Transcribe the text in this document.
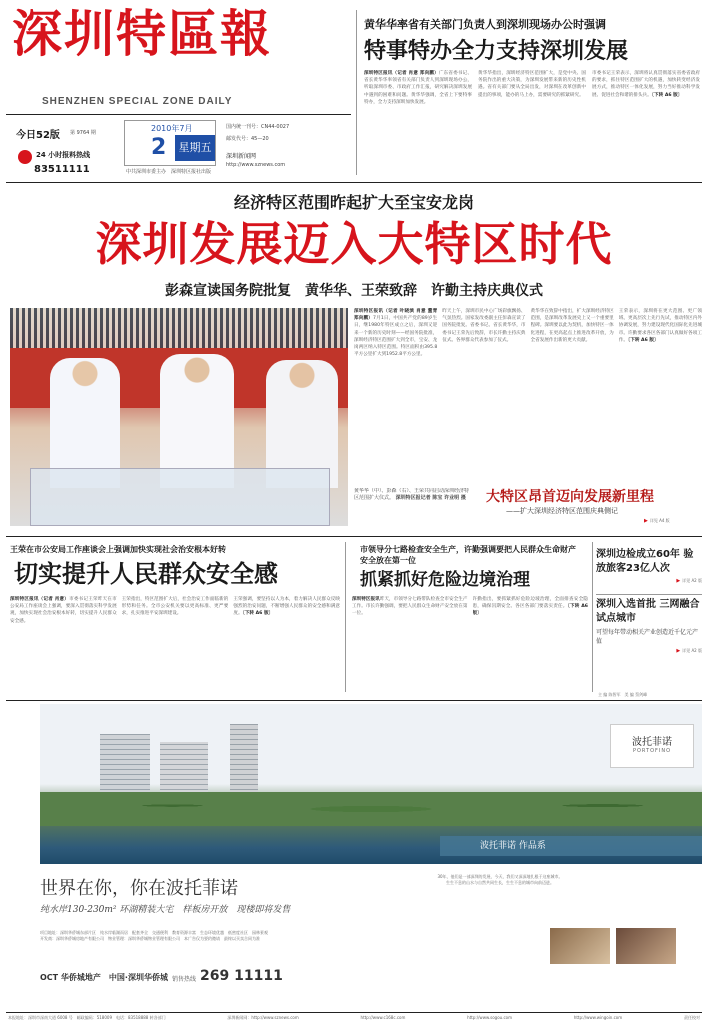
深圳特區報
SHENZHEN SPECIAL ZONE DAILY
今日52版 第 9764 期
24 小时报料热线
83511111
2010年7月
2	星期五
国内统一刊号：CN44-0027
邮发代号：45—20
深圳新闻网
http://www.sznews.com
中共深圳市委主办　深圳特区报社出版
黄华华率省有关部门负责人到深圳现场办公时强调
特事特办全力支持深圳发展
深圳特区报讯（记者 肖意 郑向鹏）广东省委书记、省长黄华华率领省有关部门负责人到深圳现场办公，听取深圳市委、市政府工作汇报，研究解决深圳发展中遇到的困难和问题。黄华华强调，全省上下要特事特办，全力支持深圳加快发展。
黄华华指出，深圳经济特区范围扩大，是党中央、国务院作出的重大决策，为深圳发展带来新的历史性机遇。省有关部门要从全局出发，对深圳在改革创新中提出的事项，能办的马上办，需要研究的抓紧研究。
市委书记王荣表示，深圳将认真贯彻落实省委省政府的要求，抓住特区范围扩大的机遇，加快转变经济发展方式，推动特区一体化发展，努力当好推动科学发展、促进社会和谐的排头兵。〔下转 A6 版〕
经济特区范围昨起扩大至宝安龙岗
深圳发展迈入大特区时代
彭森宣读国务院批复　黄华华、王荣致辞　许勤主持庆典仪式
深圳特区报讯（记者 叶晓滨 肖意 董青 郑向鹏）7月1日，中国共产党的89岁生日，继1980年特区成立之后，深圳又迎来一个新的历史时刻——经国务院批准，深圳经济特区范围扩大到全市，宝安、龙岗两区纳入特区范围。特区面积由395.8平方公里扩大到1952.8平方公里。
昨天上午，深圳市民中心广场彩旗飘扬、气氛热烈。国家发改委副主任彭森宣读了国务院批复。省委书记、省长黄华华，市委书记王荣先后致辞，市长许勤主持庆典仪式。各界群众代表参加了仪式。
黄华华在致辞中指出，扩大深圳经济特区范围，是深圳改革发展史上又一个重要里程碑。深圳要以此为契机，加快特区一体化进程，在更高起点上推进改革开放，为全省发展作出新的更大贡献。
王荣表示，深圳将在更大范围、更广领域、更高层次上先行先试，推动特区内外协调发展，努力建设现代化国际化先进城市。许勤要求各区各部门认真做好各项工作。〔下转 A6 版〕
黄华华（中）、彭森（右）、王荣共同启动深圳经济特区范围扩大仪式。 深圳特区报记者 陈宝 许业明 摄	大特区昂首迈向发展新里程
——扩大深圳经济特区范围庆典侧记
▶ 详见 A4 版
王荣在市公安局工作座谈会上强调加快实现社会治安根本好转
切实提升人民群众安全感
深圳特区报讯（记者 肖意）市委书记王荣昨天在市公安局工作座谈会上强调，要深入贯彻落实科学发展观，加快实现社会治安根本好转，切实提升人民群众安全感。
王荣指出，特区范围扩大后，社会治安工作面临新的形势和任务。全市公安机关要以更高标准、更严要求，扎实推进平安深圳建设。
王荣强调，要坚持以人为本，着力解决人民群众反映强烈的治安问题，不断增强人民群众的安全感和满意度。〔下转 A6 版〕
市领导分七路检查安全生产，许勤强调要把人民群众生命财产安全放在第一位
抓紧抓好危险边境治理
深圳特区报讯昨天，市领导分七路带队检查全市安全生产工作。市长许勤强调，要把人民群众生命财产安全放在第一位。
许勤指出，要抓紧抓好危险边坡治理，全面排查安全隐患，确保汛期安全。各区各部门要落实责任。〔下转 A6 版〕
深圳边检成立60年 验放旅客23亿人次
▶ 详见 A2 版
深圳入选首批 三网融合试点城市
可望每年带动相关产业创造近千亿元产值
▶ 详见 A2 版
主 编 陈智军　美 编 蔡剑峰
波托菲诺
PORTOFINO
波托菲诺 作品系
世界在你，你在波托菲诺
纯水岸130-230m² 环湖精装大宅　样板房开放　 现楼即将发售
30年，他们是一部深圳的发展，今天，我们又深深地扎根于这座城市。
生生不息的山水与自然共同生长，生生不息的城市向前迈进。
项目地址：深圳华侨城东部片区　纯水岸临湖而居　配套齐全　交通便利　教育资源丰富　生态环境优越　低密度社区　园林景观
开发商：深圳华侨城房地产有限公司　物业管理：深圳华侨城物业管理有限公司　本广告仅为要约邀请　最终以买卖合同为准
OCT 华侨城地产　中国·深圳华侨城 销售热线 269 11111
本报地址：深圳市深南大道 6008 号　邮政编码：518009　电话：83518888 转各部门	深圳新闻网：http://www.sznews.com	http://www.c168c.com	http://www.sogou.com	http://www.wingoin.com	责任校对
